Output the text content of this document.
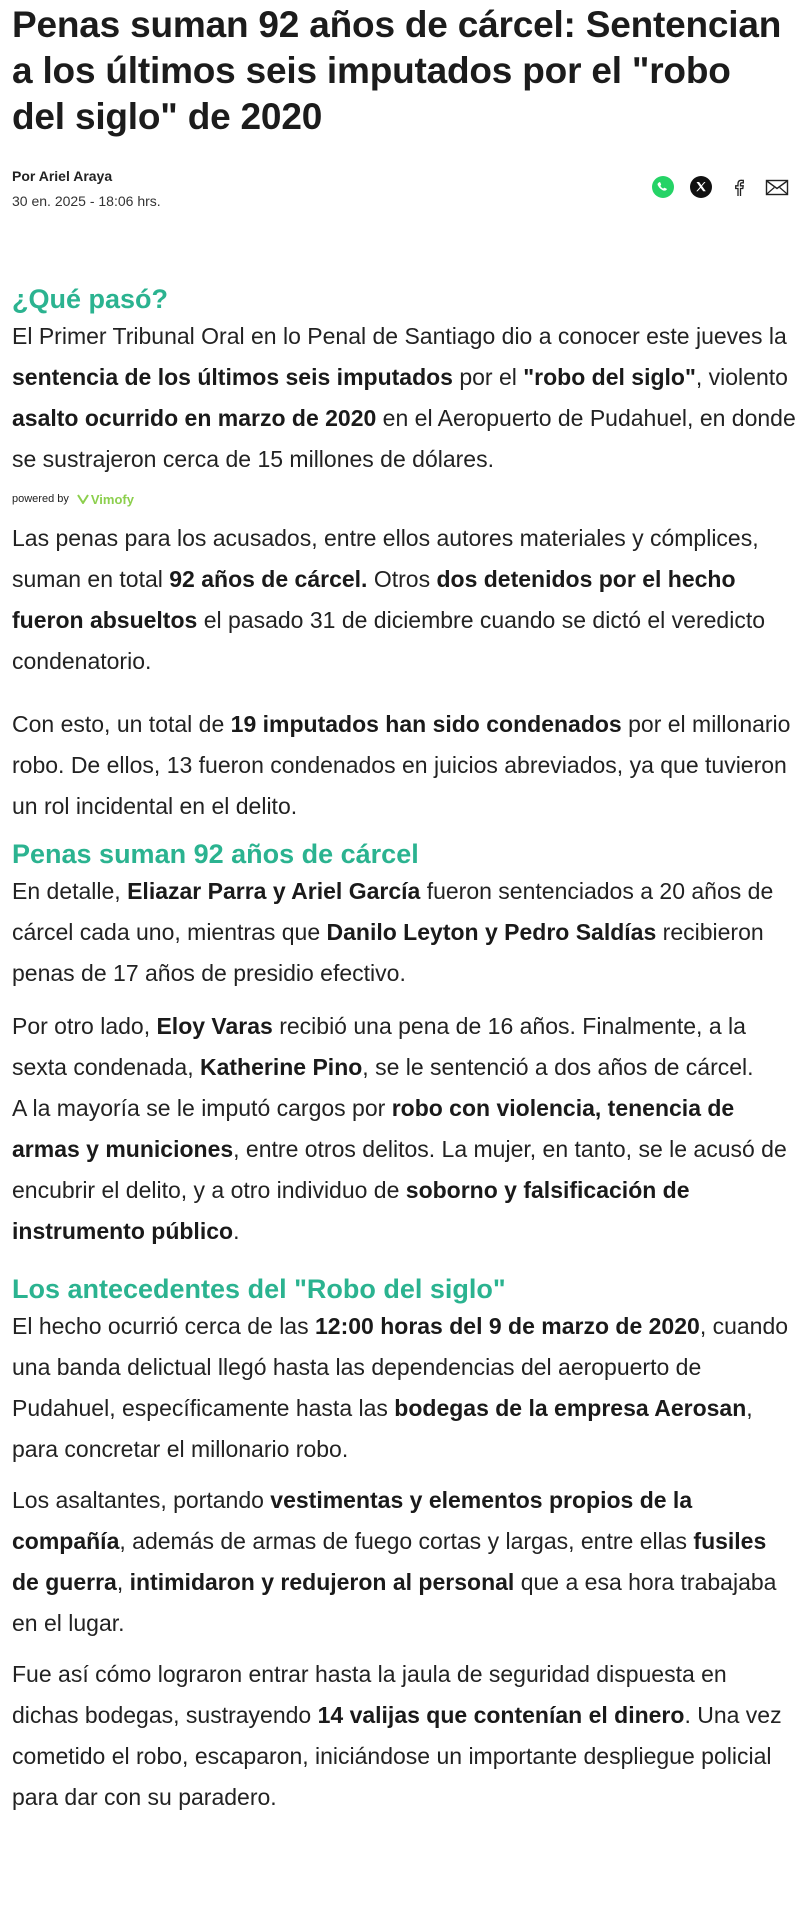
Penas suman 92 años de cárcel: Sentencian a los últimos seis imputados por el "robo del siglo" de 2020
Por Ariel Araya
30 en. 2025 - 18:06 hrs.
¿Qué pasó?

El Primer Tribunal Oral en lo Penal de Santiago dio a conocer este jueves la sentencia de los últimos seis imputados por el "robo del siglo", violento asalto ocurrido en marzo de 2020 en el Aeropuerto de Pudahuel, en donde se sustrajeron cerca de 15 millones de dólares.

powered by Vimofy

Las penas para los acusados, entre ellos autores materiales y cómplices, suman en total 92 años de cárcel. Otros dos detenidos por el hecho fueron absueltos el pasado 31 de diciembre cuando se dictó el veredicto condenatorio.

Con esto, un total de 19 imputados han sido condenados por el millonario robo. De ellos, 13 fueron condenados en juicios abreviados, ya que tuvieron un rol incidental en el delito.

Penas suman 92 años de cárcel

En detalle, Eliazar Parra y Ariel García fueron sentenciados a 20 años de cárcel cada uno, mientras que Danilo Leyton y Pedro Saldías recibieron penas de 17 años de presidio efectivo.

Por otro lado, Eloy Varas recibió una pena de 16 años. Finalmente, a la sexta condenada, Katherine Pino, se le sentenció a dos años de cárcel.

A la mayoría se le imputó cargos por robo con violencia, tenencia de armas y municiones, entre otros delitos. La mujer, en tanto, se le acusó de encubrir el delito, y a otro individuo de soborno y falsificación de instrumento público.

Los antecedentes del "Robo del siglo"

El hecho ocurrió cerca de las 12:00 horas del 9 de marzo de 2020, cuando una banda delictual llegó hasta las dependencias del aeropuerto de Pudahuel, específicamente hasta las bodegas de la empresa Aerosan, para concretar el millonario robo.

Los asaltantes, portando vestimentas y elementos propios de la compañía, además de armas de fuego cortas y largas, entre ellas fusiles de guerra, intimidaron y redujeron al personal que a esa hora trabajaba en el lugar.

Fue así cómo lograron entrar hasta la jaula de seguridad dispuesta en dichas bodegas, sustrayendo 14 valijas que contenían el dinero. Una vez cometido el robo, escaparon, iniciándose un importante despliegue policial para dar con su paradero.
